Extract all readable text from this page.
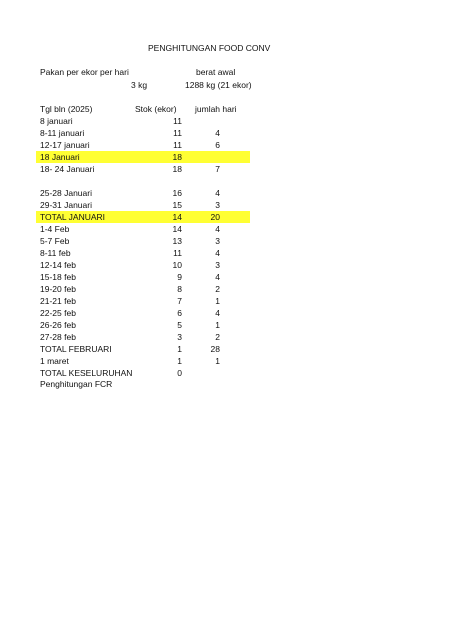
PENGHITUNGAN FOOD CONV
Pakan per ekor per hari	berat awal
3 kg	1288 kg (21 ekor)
Tgl bln (2025)	Stok (ekor) jumlah hari
8 januari	11
8-11 januari	11	4
12-17 januari	11	6
18 Januari	18
18- 24 Januari	18	7
25-28 Januari	16	4
29-31 Januari	15	3
TOTAL JANUARI	14	20
1-4 Feb	14	4
5-7 Feb	13	3
8-11 feb	11	4
12-14 feb	10	3
15-18 feb	9	4
19-20 feb	8	2
21-21 feb	7	1
22-25 feb	6	4
26-26 feb	5	1
27-28 feb	3	2
TOTAL FEBRUARI	1	28
1 maret	1	1
TOTAL KESELURUHAN	0
Penghitungan FCR
